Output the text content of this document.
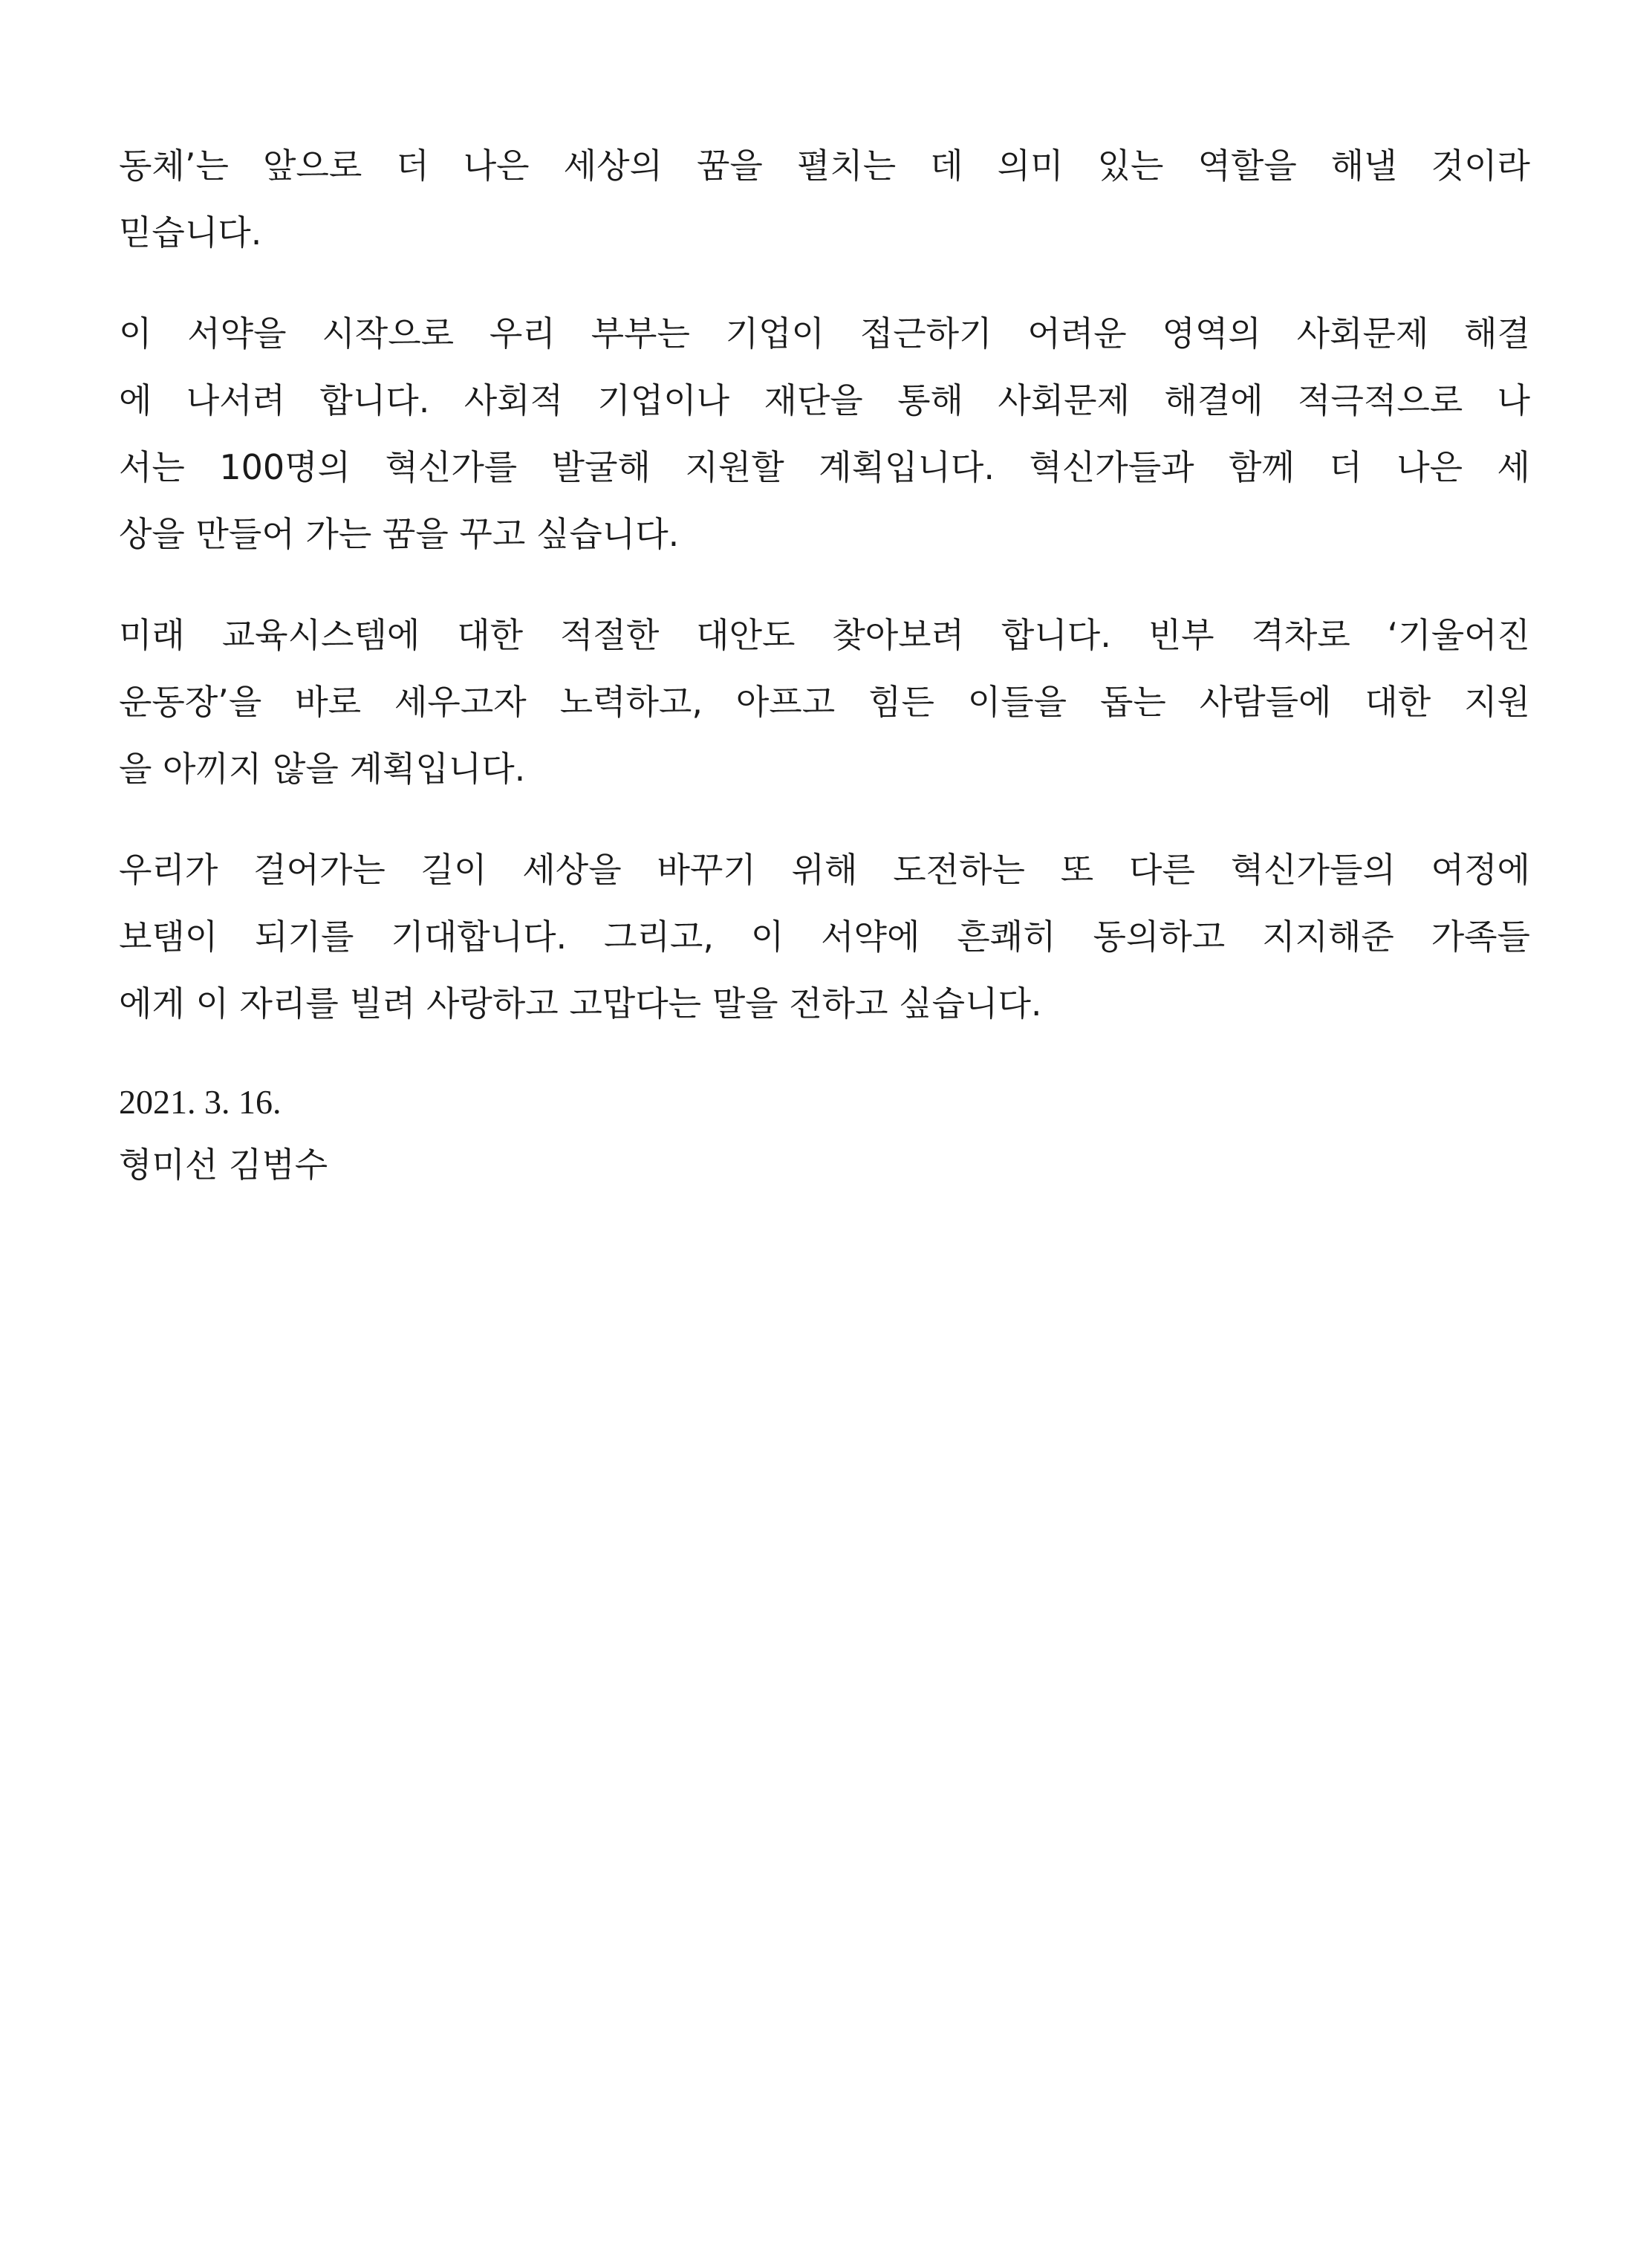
동체’는 앞으로 더 나은 세상의 꿈을 펼치는 데 의미 있는 역할을 해낼 것이라
믿습니다.
이 서약을 시작으로 우리 부부는 기업이 접근하기 어려운 영역의 사회문제 해결
에 나서려 합니다. 사회적 기업이나 재단을 통해 사회문제 해결에 적극적으로 나
서는 100명의 혁신가를 발굴해 지원할 계획입니다. 혁신가들과 함께 더 나은 세
상을 만들어 가는 꿈을 꾸고 싶습니다.
미래 교육시스템에 대한 적절한 대안도 찾아보려 합니다. 빈부 격차로 ‘기울어진
운동장’을 바로 세우고자 노력하고, 아프고 힘든 이들을 돕는 사람들에 대한 지원
을 아끼지 않을 계획입니다.
우리가 걸어가는 길이 세상을 바꾸기 위해 도전하는 또 다른 혁신가들의 여정에
보탬이 되기를 기대합니다. 그리고, 이 서약에 흔쾌히 동의하고 지지해준 가족들
에게 이 자리를 빌려 사랑하고 고맙다는 말을 전하고 싶습니다.
2021. 3. 16.
형미선 김범수
